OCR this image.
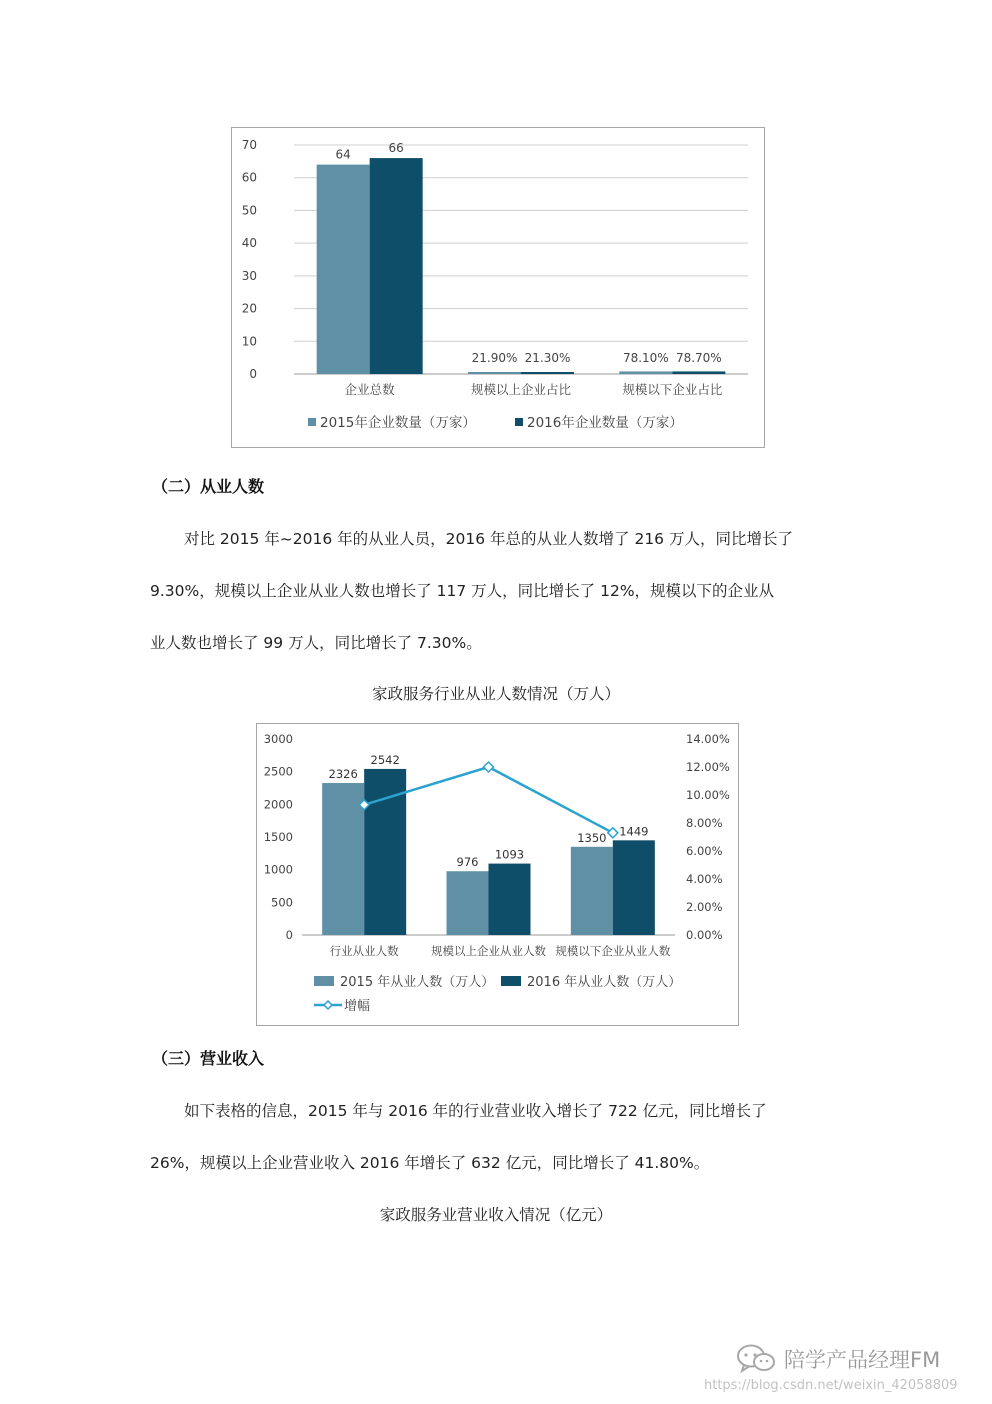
70
60
50
40
30
20
10
0
64	66
企业总数
21.90% 21.30%
规模以上企业占比
78.10% 78.70%
规模以下企业占比
2015年企业数量（万家）	2016年企业数量（万家）
（二）从业人数
对比 2015 年~2016 年的从业人员，2016 年总的从业人数增了 216 万人，同比增长了
9.30%，规模以上企业从业人数也增长了 117 万人，同比增长了 12%，规模以下的企业从
业人数也增长了 99 万人，同比增长了 7.30%。
家政服务行业从业人数情况（万人）
3000
2500
2000
1500
1000
500
0
14.00%
12.00%
10.00%
8.00%
6.00%
4.00%
2.00%
0.00%
2326
2542
行业从业人数
976
1093
规模以上企业从业人数
1350 1449
规模以下企业从业人数
2015 年从业人数（万人）	2016 年从业人数（万人）
增幅
（三）营业收入
如下表格的信息，2015 年与 2016 年的行业营业收入增长了 722 亿元，同比增长了
26%，规模以上企业营业收入 2016 年增长了 632 亿元，同比增长了 41.80%。
家政服务业营业收入情况（亿元）
陪学产品经理FM
https://blog.csdn.net/weixin_42058809
